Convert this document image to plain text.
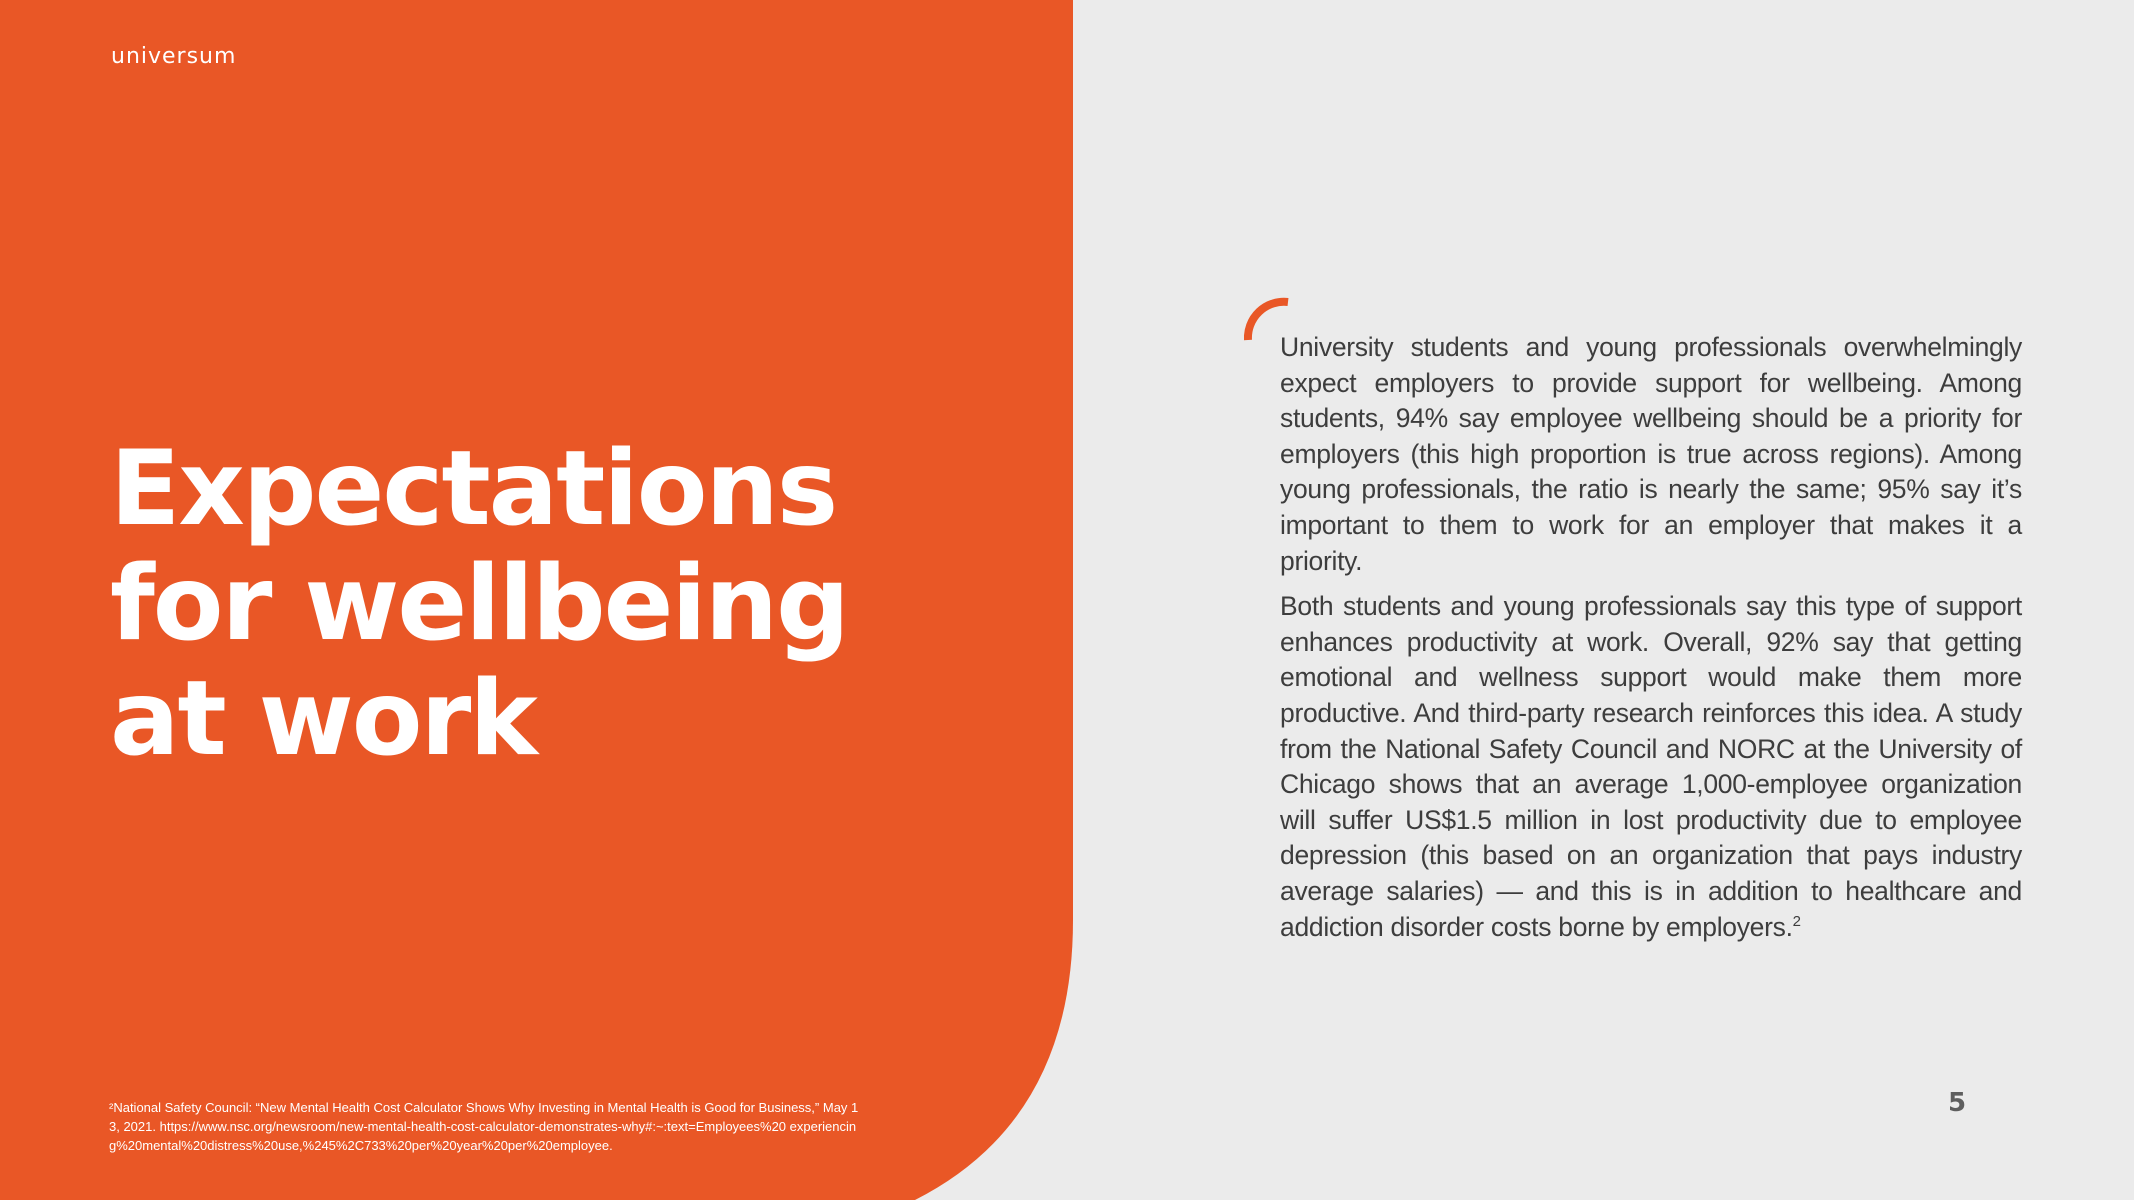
universum
Expectations
for wellbeing
at work

University students and young professionals overwhelmingly expect employers to provide support for wellbeing. Among students, 94% say employee wellbeing should be a priority for employers (this high proportion is true across regions). Among young professionals, the ratio is nearly the same; 95% say it’s important to them to work for an employer that makes it a priority.

Both students and young professionals say this type of support enhances productivity at work. Overall, 92% say that getting emotional and wellness support would make them more productive. And third-party research reinforces this idea. A study from the National Safety Council and NORC at the University of Chicago shows that an average 1,000-employee organization will suffer US$1.5 million in lost productivity due to employee depression (this based on an organization that pays industry average salaries) — and this is in addition to healthcare and addiction disorder costs borne by employers.$^2$

²National Safety Council: “New Mental Health Cost Calculator Shows Why Investing in Mental Health is Good for Business,” May 13, 2021. https://www.nsc.org/newsroom/new-mental-health-cost-calculator-demonstrates-why#:~:text=Employees%20 experiencing%20mental%20distress%20use,%245%2C733%20per%20year%20per%20employee.
5
